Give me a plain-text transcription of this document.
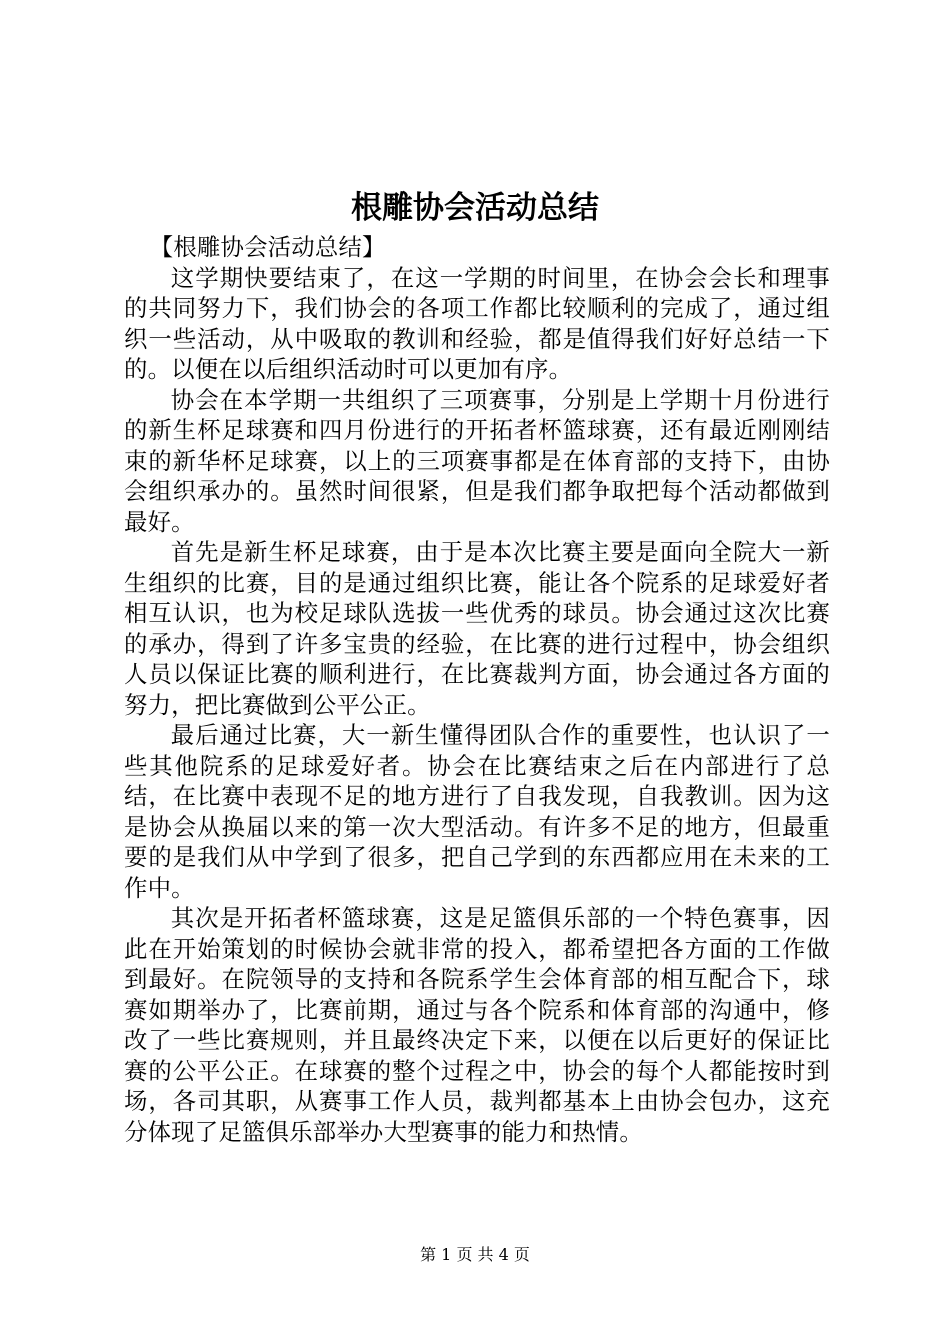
根雕协会活动总结

【根雕协会活动总结】

这学期快要结束了，在这一学期的时间里，在协会会长和理事的共同努力下，我们协会的各项工作都比较顺利的完成了，通过组织一些活动，从中吸取的教训和经验，都是值得我们好好总结一下的。以便在以后组织活动时可以更加有序。

协会在本学期一共组织了三项赛事，分别是上学期十月份进行的新生杯足球赛和四月份进行的开拓者杯篮球赛，还有最近刚刚结束的新华杯足球赛，以上的三项赛事都是在体育部的支持下，由协会组织承办的。虽然时间很紧，但是我们都争取把每个活动都做到最好。

首先是新生杯足球赛，由于是本次比赛主要是面向全院大一新生组织的比赛，目的是通过组织比赛，能让各个院系的足球爱好者相互认识，也为校足球队选拔一些优秀的球员。协会通过这次比赛的承办，得到了许多宝贵的经验，在比赛的进行过程中，协会组织人员以保证比赛的顺利进行，在比赛裁判方面，协会通过各方面的努力，把比赛做到公平公正。

最后通过比赛，大一新生懂得团队合作的重要性，也认识了一些其他院系的足球爱好者。协会在比赛结束之后在内部进行了总结，在比赛中表现不足的地方进行了自我发现，自我教训。因为这是协会从换届以来的第一次大型活动。有许多不足的地方，但最重要的是我们从中学到了很多，把自己学到的东西都应用在未来的工作中。

其次是开拓者杯篮球赛，这是足篮俱乐部的一个特色赛事，因此在开始策划的时候协会就非常的投入，都希望把各方面的工作做到最好。在院领导的支持和各院系学生会体育部的相互配合下，球赛如期举办了，比赛前期，通过与各个院系和体育部的沟通中，修改了一些比赛规则，并且最终决定下来，以便在以后更好的保证比赛的公平公正。在球赛的整个过程之中，协会的每个人都能按时到场，各司其职，从赛事工作人员，裁判都基本上由协会包办，这充分体现了足篮俱乐部举办大型赛事的能力和热情。

第 1 页 共 4 页
